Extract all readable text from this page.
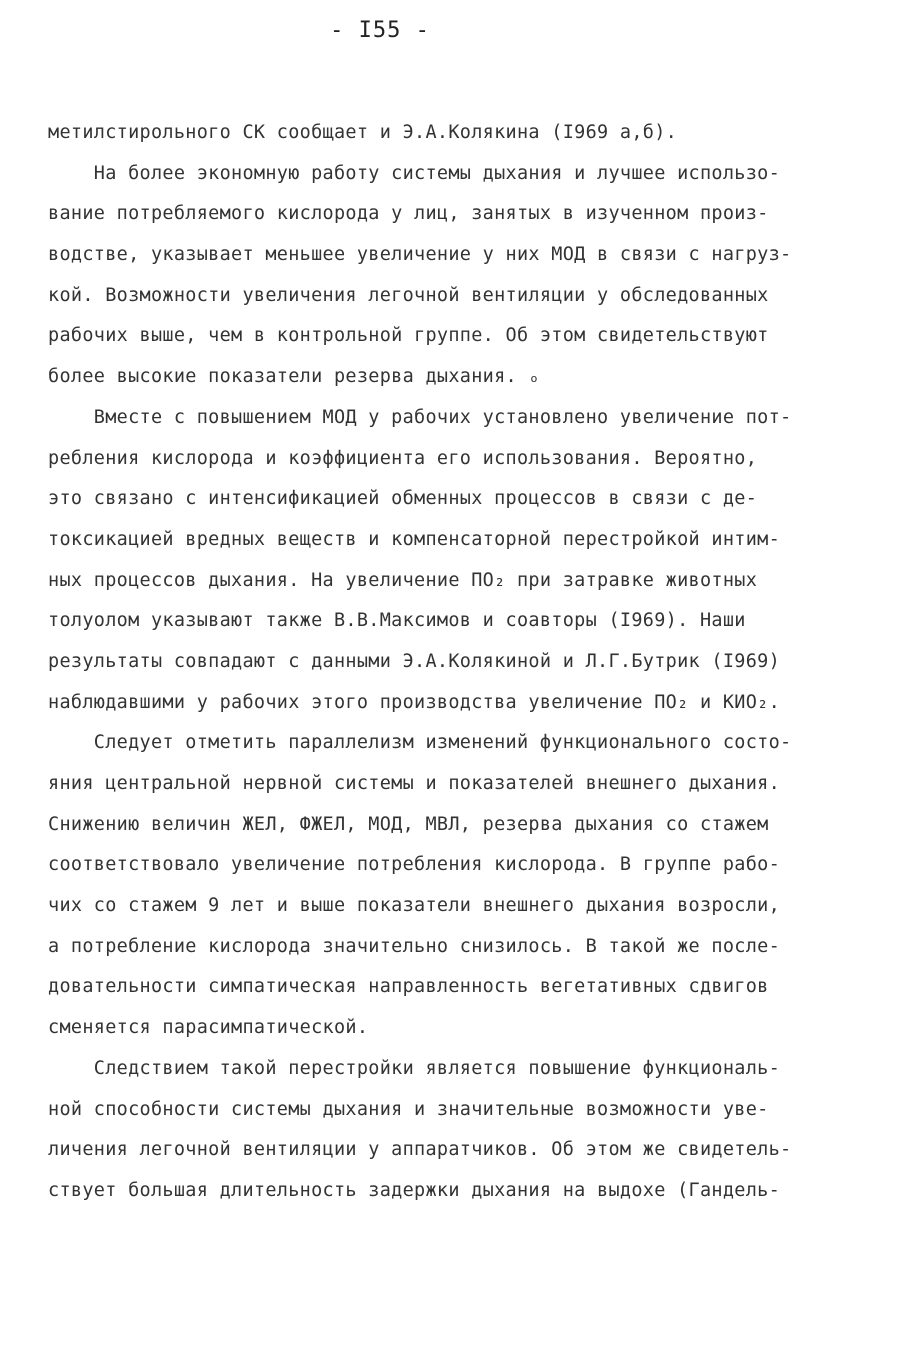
- I55 -
метилстирольного СК сообщает и Э.А.Колякина (I969 а,б).
На более экономную работу системы дыхания и лучшее использо-
вание потребляемого кислорода у лиц, занятых в изученном произ-
водстве, указывает меньшее увеличение у них МОД в связи с нагруз-
кой. Возможности увеличения легочной вентиляции у обследованных
рабочих выше, чем в контрольной группе. Об этом свидетельствуют
более высокие показатели резерва дыхания. ₒ
Вместе с повышением МОД у рабочих установлено увеличение пот-
ребления кислорода и коэффициента его использования. Вероятно,
это связано с интенсификацией обменных процессов в связи с де-
токсикацией вредных веществ и компенсаторной перестройкой интим-
ных процессов дыхания. На увеличение ПО₂ при затравке животных
толуолом указывают также В.В.Максимов и соавторы (I969). Наши
результаты совпадают с данными Э.А.Колякиной и Л.Г.Бутрик (I969)
наблюдавшими у рабочих этого производства увеличение ПО₂ и КИО₂.
Следует отметить параллелизм изменений функционального состо-
яния центральной нервной системы и показателей внешнего дыхания.
Снижению величин ЖЕЛ, ФЖЕЛ, МОД, МВЛ, резерва дыхания со стажем
соответствовало увеличение потребления кислорода. В группе рабо-
чих со стажем 9 лет и выше показатели внешнего дыхания возросли,
а потребление кислорода значительно снизилось. В такой же после-
довательности симпатическая направленность вегетативных сдвигов
сменяется парасимпатической.
Следствием такой перестройки является повышение функциональ-
ной способности системы дыхания и значительные возможности уве-
личения легочной вентиляции у аппаратчиков. Об этом же свидетель-
ствует большая длительность задержки дыхания на выдохе (Гандель-
